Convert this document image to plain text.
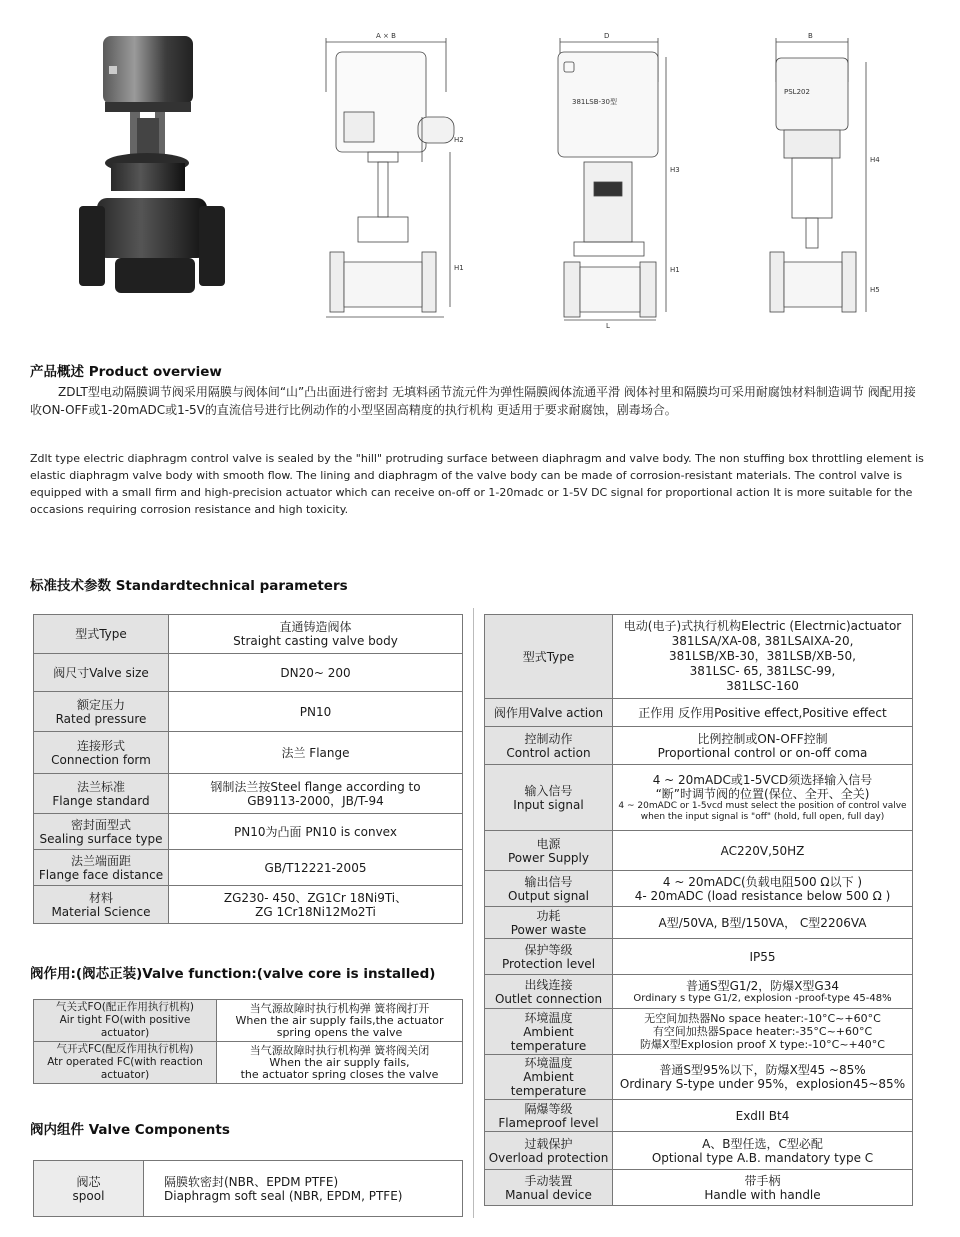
A × B
H2
H1
D
381LSB-30型
H3
H1
L
B
PSL202
H4
H5
产品概述 Product overview
ZDLT型电动隔膜调节阀采用隔膜与阀体间“山”凸出面进行密封 无填料函节流元件为弹性隔膜阀体流通平滑 阀体衬里和隔膜均可采用耐腐蚀材料制造调节 阀配用接收ON-OFF或1-20mADC或1-5V的直流信号进行比例动作的小型坚固高精度的执行机构 更适用于要求耐腐蚀，剧毒场合。
Zdlt type electric diaphragm control valve is sealed by the "hill" protruding surface between diaphragm and valve body. The non stuffing box throttling element is elastic diaphragm valve body with smooth flow. The lining and diaphragm of the valve body can be made of corrosion-resistant materials. The control valve is equipped with a small firm and high-precision actuator which can receive on-off or 1-20madc or 1-5V DC signal for proportional action It is more suitable for the occasions requiring corrosion resistance and high toxicity.
标准技术参数 Standardtechnical parameters
型式Type	直通铸造阀体
Straight casting valve body
阀尺寸Valve size	DN20~ 200
额定压力
Rated pressure	PN10
连接形式
Connection form	法兰 Flange
法兰标准
Flange standard	钢制法兰按Steel flange according to
GB9113-2000，JB/T-94
密封面型式
Sealing surface type	PN10为凸面 PN10 is convex
法兰端面距
Flange face distance	GB/T12221-2005
材料
Material Science	ZG230- 450、ZG1Cr 18Ni9Ti、
ZG 1Cr18Ni12Mo2Ti
阀作用:(阀芯正装)Valve function:(valve core is installed)
气关式FO(配正作用执行机构)
Air tight FO(with positive actuator)	当气源故障时执行机构弹 簧将阀打开
When the air supply fails,the actuator
spring opens the valve
气开式FC(配反作用执行机构)
Atr operated FC(with reaction actuator)	当气源故障时执行机构弹 簧将阀关闭
When the air supply fails,
the actuator spring closes the valve
阀内组件 Valve Components
阀芯
spool	隔膜软密封(NBR、EPDM PTFE)
Diaphragm soft seal (NBR, EPDM, PTFE)
型式Type	电动(电子)式执行机构Electric (Electrnic)actuator
381LSA/XA-08, 381LSAIXA-20,
381LSB/XB-30，381LSB/XB-50,
381LSC- 65, 381LSC-99,
381LSC-160
阀作用Valve action	正作用 反作用Positive effect,Positive effect
控制动作
Control action	比例控制或ON-OFF控制
Proportional control or on-off coma
输入信号
Input signal	4 ~ 20mADC或1-5VCD须选择输入信号
“断”时调节阀的位置(保位、全开、全关)
4 ~ 20mADC or 1-5vcd must select the position of control valve
when the input signal is "off" (hold, full open, full day)

电源
Power Supply	AC220V,50HZ
输出信号
Output signal	4 ~ 20mADC(负载电阻500 Ω以下 )
4- 20mADC (load resistance below 500 Ω )
功耗
Power waste	A型/50VA, B型/150VA， C型2206VA
保护等级
Protection level	IP55
出线连接
Outlet connection	普通S型G1/2，防爆X型G34
Ordinary s type G1/2, explosion -proof-type 45-48%

环境温度
Ambient temperature	无空间加热器No space heater:-10°C~+60°C
有空间加热器Space heater:-35°C~+60°C
防爆X型Explosion proof X type:-10°C~+40°C
环境温度
Ambient temperature	普通S型95%以下，防爆X型45 ~85%
Ordinary S-type under 95%，explosion45~85%
隔爆等级
Flameproof level	ExdII Bt4
过载保护
Overload protection	A、B型任选，C型必配
Optional type A.B. mandatory type C
手动装置
Manual device	带手柄
Handle with handle
